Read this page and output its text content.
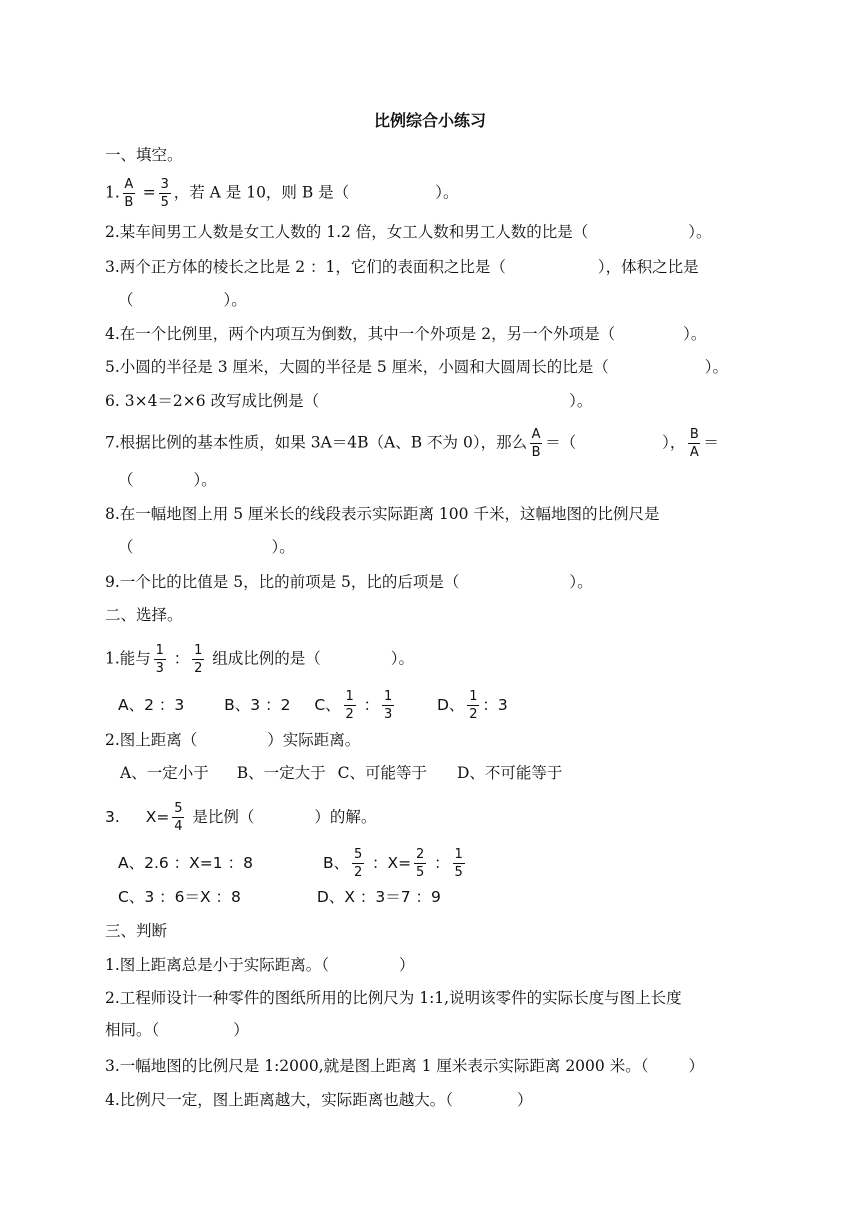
比例综合小练习
一、填空。
1. $\frac{A}{B} = \frac{3}{5}$ ，若 A 是 10，则 B 是（	）。
2.某车间男工人数是女工人数的 1.2 倍，女工人数和男工人数的比是（	）。
3.两个正方体的棱长之比是 2 ：1，它们的表面积之比是（	），体积之比是
（	）。
4.在一个比例里，两个内项互为倒数，其中一个外项是 2，另一个外项是（	）。
5.小圆的半径是 3 厘米，大圆的半径是 5 厘米，小圆和大圆周长的比是（	）。
6. 3×4＝2×6 改写成比例是（	）。
7.根据比例的基本性质，如果 3A＝4B（A、B 不为 0），那么 $\frac{A}{B}$ ＝（	）， $\frac{B}{A}$ ＝
（	）。
8.在一幅地图上用 5 厘米长的线段表示实际距离 100 千米，这幅地图的比例尺是
（	）。
9.一个比的比值是 5，比的前项是 5，比的后项是（	）。
二、选择。
1.能与 $\frac{1}{3}$ ： $\frac{1}{2}$ 组成比例的是（	）。
A、2 ：3	B、3 ：2 C、 $\frac{1}{2}$ ： $\frac{1}{3}$	D、 $\frac{1}{2}$ ：3
2.图上距离（	）实际距离。
A、一定小于 B、一定大于 C、可能等于 D、不可能等于
3. $X= \frac{5}{4}$ 是比例（	）的解。
A、2.6 ：X=1 ：8	B、 $\frac{5}{2}$ ：$X= \frac{2}{5}$ ： $\frac{1}{5}$
C、3 ：6＝X ：8	D、X ：3＝7 ：9
三、判断
1.图上距离总是小于实际距离。（	）
2.工程师设计一种零件的图纸所用的比例尺为 1:1,说明该零件的实际长度与图上长度
相同。（	）
3.一幅地图的比例尺是 1:2000,就是图上距离 1 厘米表示实际距离 2000 米。（	）
4.比例尺一定，图上距离越大，实际距离也越大。（	）
